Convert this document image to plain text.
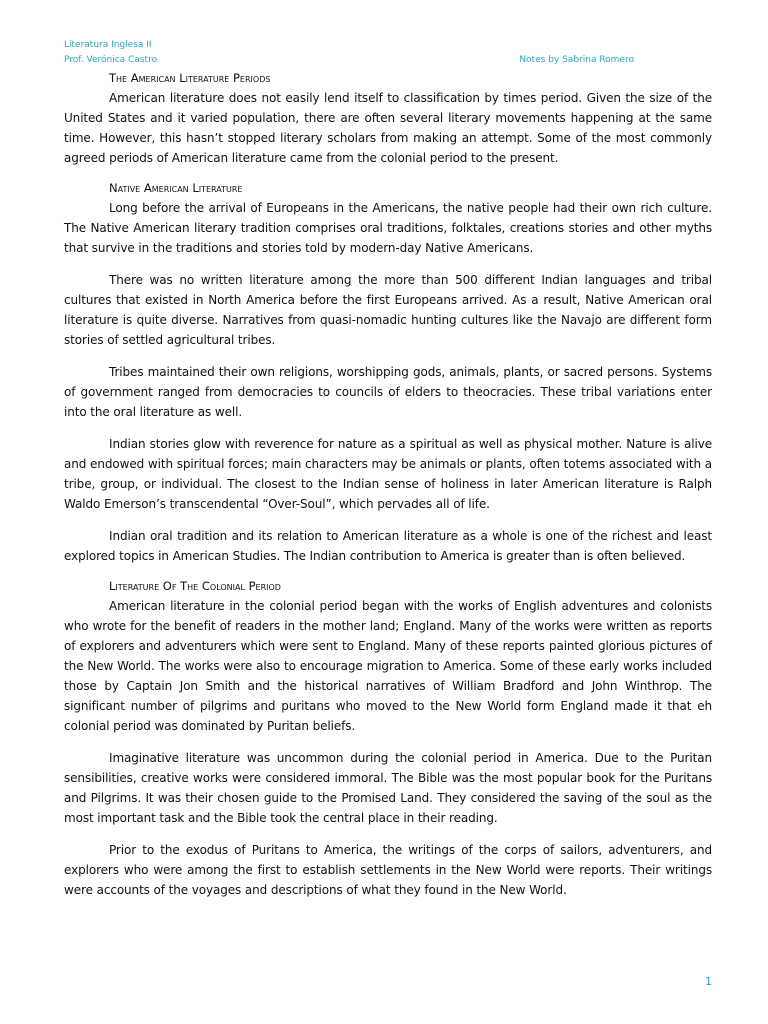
Literatura Inglesa II
Prof. Verónica Castro	Notes by Sabrina Romero
The American Literature Periods

American literature does not easily lend itself to classification by times period. Given the size of the United States and it varied population, there are often several literary movements happening at the same time. However, this hasn’t stopped literary scholars from making an attempt. Some of the most commonly agreed periods of American literature came from the colonial period to the present.

Native American Literature

Long before the arrival of Europeans in the Americans, the native people had their own rich culture. The Native American literary tradition comprises oral traditions, folktales, creations stories and other myths that survive in the traditions and stories told by modern-day Native Americans.

There was no written literature among the more than 500 different Indian languages and tribal cultures that existed in North America before the first Europeans arrived. As a result, Native American oral literature is quite diverse. Narratives from quasi-nomadic hunting cultures like the Navajo are different form stories of settled agricultural tribes.

Tribes maintained their own religions, worshipping gods, animals, plants, or sacred persons. Systems of government ranged from democracies to councils of elders to theocracies. These tribal variations enter into the oral literature as well.

Indian stories glow with reverence for nature as a spiritual as well as physical mother. Nature is alive and endowed with spiritual forces; main characters may be animals or plants, often totems associated with a tribe, group, or individual. The closest to the Indian sense of holiness in later American literature is Ralph Waldo Emerson’s transcendental “Over-Soul”, which pervades all of life.

Indian oral tradition and its relation to American literature as a whole is one of the richest and least explored topics in American Studies. The Indian contribution to America is greater than is often believed.

Literature Of The Colonial Period

American literature in the colonial period began with the works of English adventures and colonists who wrote for the benefit of readers in the mother land; England. Many of the works were written as reports of explorers and adventurers which were sent to England. Many of these reports painted glorious pictures of the New World. The works were also to encourage migration to America. Some of these early works included those by Captain Jon Smith and the historical narratives of William Bradford and John Winthrop. The significant number of pilgrims and puritans who moved to the New World form England made it that eh colonial period was dominated by Puritan beliefs.

Imaginative literature was uncommon during the colonial period in America. Due to the Puritan sensibilities, creative works were considered immoral. The Bible was the most popular book for the Puritans and Pilgrims. It was their chosen guide to the Promised Land. They considered the saving of the soul as the most important task and the Bible took the central place in their reading.

Prior to the exodus of Puritans to America, the writings of the corps of sailors, adventurers, and explorers who were among the first to establish settlements in the New World were reports. Their writings were accounts of the voyages and descriptions of what they found in the New World.

1
